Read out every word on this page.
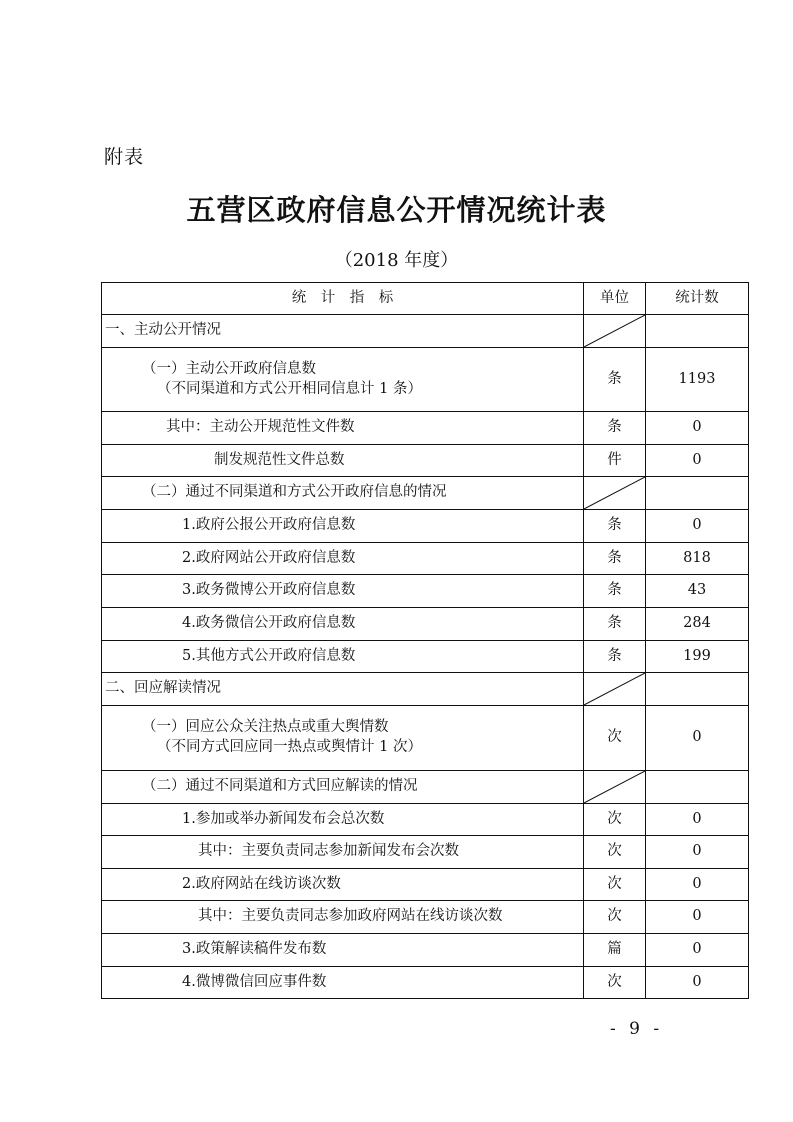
附表
五营区政府信息公开情况统计表
（2018 年度）
统　计　指　标	单位	统计数
一、主动公开情况	

（一）主动公开政府信息数
（不同渠道和方式公开相同信息计 1 条）	条	1193
其中：主动公开规范性文件数	条	0
制发规范性文件总数	件	0
（二）通过不同渠道和方式公开政府信息的情况	

1.政府公报公开政府信息数	条	0
2.政府网站公开政府信息数	条	818
3.政务微博公开政府信息数	条	43
4.政务微信公开政府信息数	条	284
5.其他方式公开政府信息数	条	199
二、回应解读情况	

（一）回应公众关注热点或重大舆情数
（不同方式回应同一热点或舆情计 1 次）	次	0
（二）通过不同渠道和方式回应解读的情况	

1.参加或举办新闻发布会总次数	次	0
其中：主要负责同志参加新闻发布会次数	次	0
2.政府网站在线访谈次数	次	0
其中：主要负责同志参加政府网站在线访谈次数	次	0
3.政策解读稿件发布数	篇	0
4.微博微信回应事件数	次	0
- 9 -
